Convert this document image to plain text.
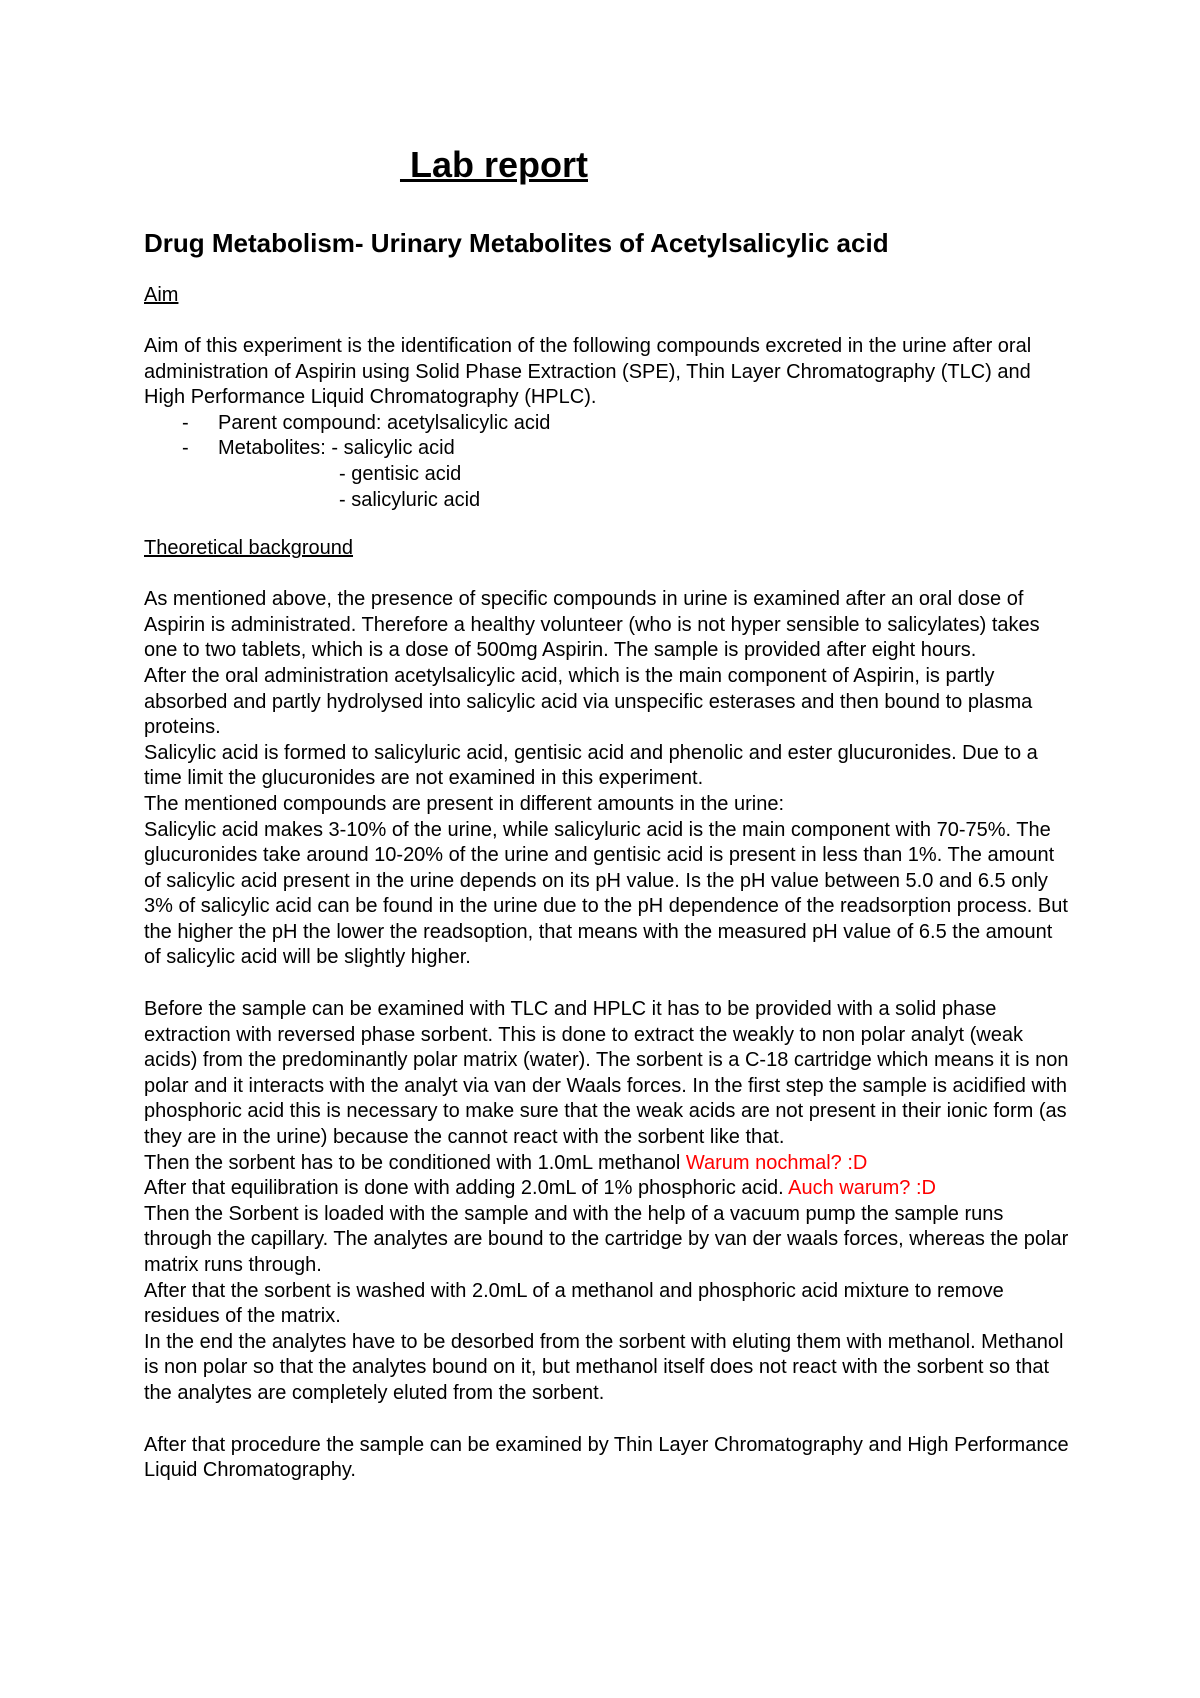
Lab report
Drug Metabolism- Urinary Metabolites of Acetylsalicylic acid
Aim

Aim of this experiment is the identification of the following compounds excreted in the urine after oral administration of Aspirin using Solid Phase Extraction (SPE), Thin Layer Chromatography (TLC) and High Performance Liquid Chromatography (HPLC).

- Parent compound: acetylsalicylic acid
- Metabolites: - salicylic acid

- gentisic acid

- salicyluric acid

Theoretical background

As mentioned above, the presence of specific compounds in urine is examined after an oral dose of Aspirin is administrated. Therefore a healthy volunteer (who is not hyper sensible to salicylates) takes one to two tablets, which is a dose of 500mg Aspirin. The sample is provided after eight hours.

After the oral administration acetylsalicylic acid, which is the main component of Aspirin, is partly absorbed and partly hydrolysed into salicylic acid via unspecific esterases and then bound to plasma proteins.

Salicylic acid is formed to salicyluric acid, gentisic acid and phenolic and ester glucuronides. Due to a time limit the glucuronides are not examined in this experiment.

The mentioned compounds are present in different amounts in the urine:

Salicylic acid makes 3-10% of the urine, while salicyluric acid is the main component with 70-75%. The glucuronides take around 10-20% of the urine and gentisic acid is present in less than 1%. The amount of salicylic acid present in the urine depends on its pH value. Is the pH value between 5.0 and 6.5 only 3% of salicylic acid can be found in the urine due to the pH dependence of the readsorption process. But the higher the pH the lower the readsoption, that means with the measured pH value of 6.5 the amount of salicylic acid will be slightly higher.

Before the sample can be examined with TLC and HPLC it has to be provided with a solid phase extraction with reversed phase sorbent. This is done to extract the weakly to non polar analyt (weak acids) from the predominantly polar matrix (water). The sorbent is a C-18 cartridge which means it is non polar and it interacts with the analyt via van der Waals forces. In the first step the sample is acidified with phosphoric acid this is necessary to make sure that the weak acids are not present in their ionic form (as they are in the urine) because the cannot react with the sorbent like that.

Then the sorbent has to be conditioned with 1.0mL methanol Warum nochmal? :D

After that equilibration is done with adding 2.0mL of 1% phosphoric acid. Auch warum? :D

Then the Sorbent is loaded with the sample and with the help of a vacuum pump the sample runs through the capillary. The analytes are bound to the cartridge by van der waals forces, whereas the polar matrix runs through.

After that the sorbent is washed with 2.0mL of a methanol and phosphoric acid mixture to remove residues of the matrix.

In the end the analytes have to be desorbed from the sorbent with eluting them with methanol. Methanol is non polar so that the analytes bound on it, but methanol itself does not react with the sorbent so that the analytes are completely eluted from the sorbent.

After that procedure the sample can be examined by Thin Layer Chromatography and High Performance Liquid Chromatography.
